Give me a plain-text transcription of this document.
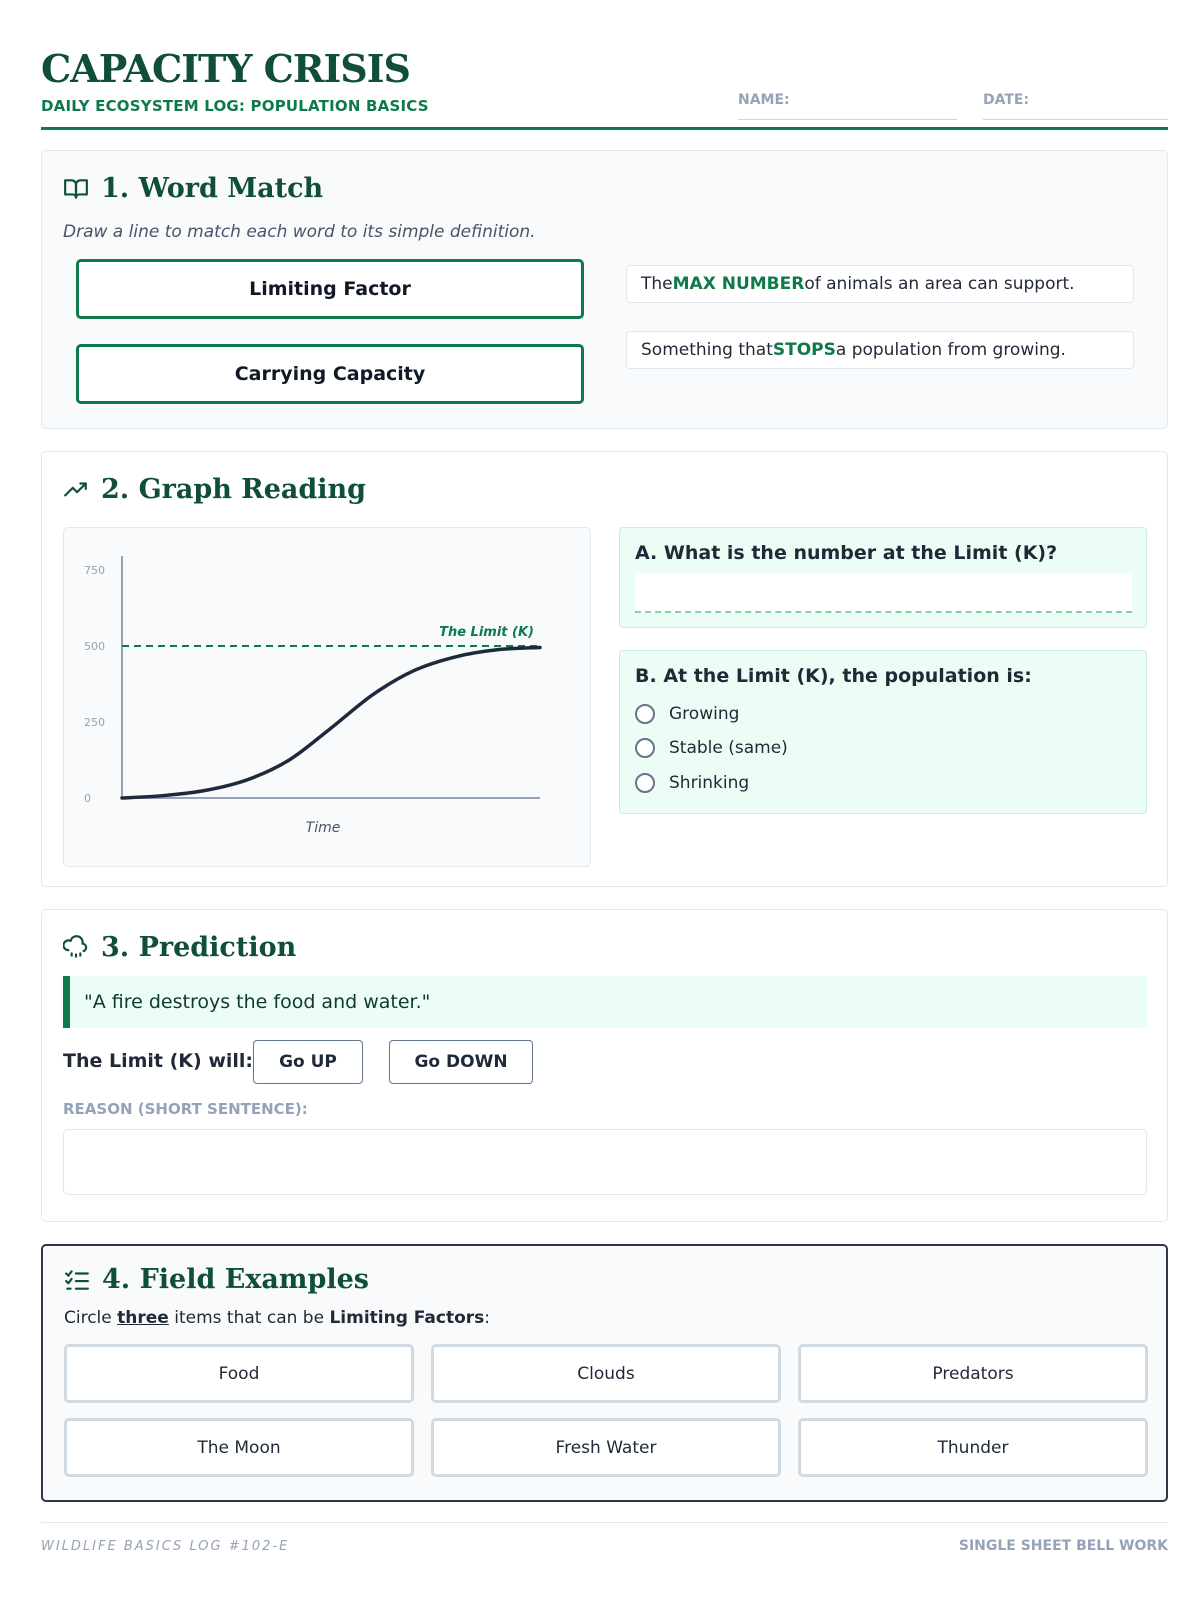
CAPACITY CRISIS
DAILY ECOSYSTEM LOG: POPULATION BASICS	NAME:	DATE:
1. Word Match
Draw a line to match each word to its simple definition.
Limiting Factor
Carrying Capacity
The MAX NUMBER of animals an area can support.
Something that STOPS a population from growing.
2. Graph Reading
0
250
500
750
The Limit (K)
Time
A. What is the number at the Limit (K)?
B. At the Limit (K), the population is:
Growing
Stable (same)
Shrinking
3. Prediction
"A fire destroys the food and water."
The Limit (K) will:	Go UP	Go DOWN
REASON (SHORT SENTENCE):
4. Field Examples
Circle three items that can be Limiting Factors:
Food	Clouds	Predators
The Moon	Fresh Water	Thunder
WILDLIFE BASICS LOG #102-E	SINGLE SHEET BELL WORK
